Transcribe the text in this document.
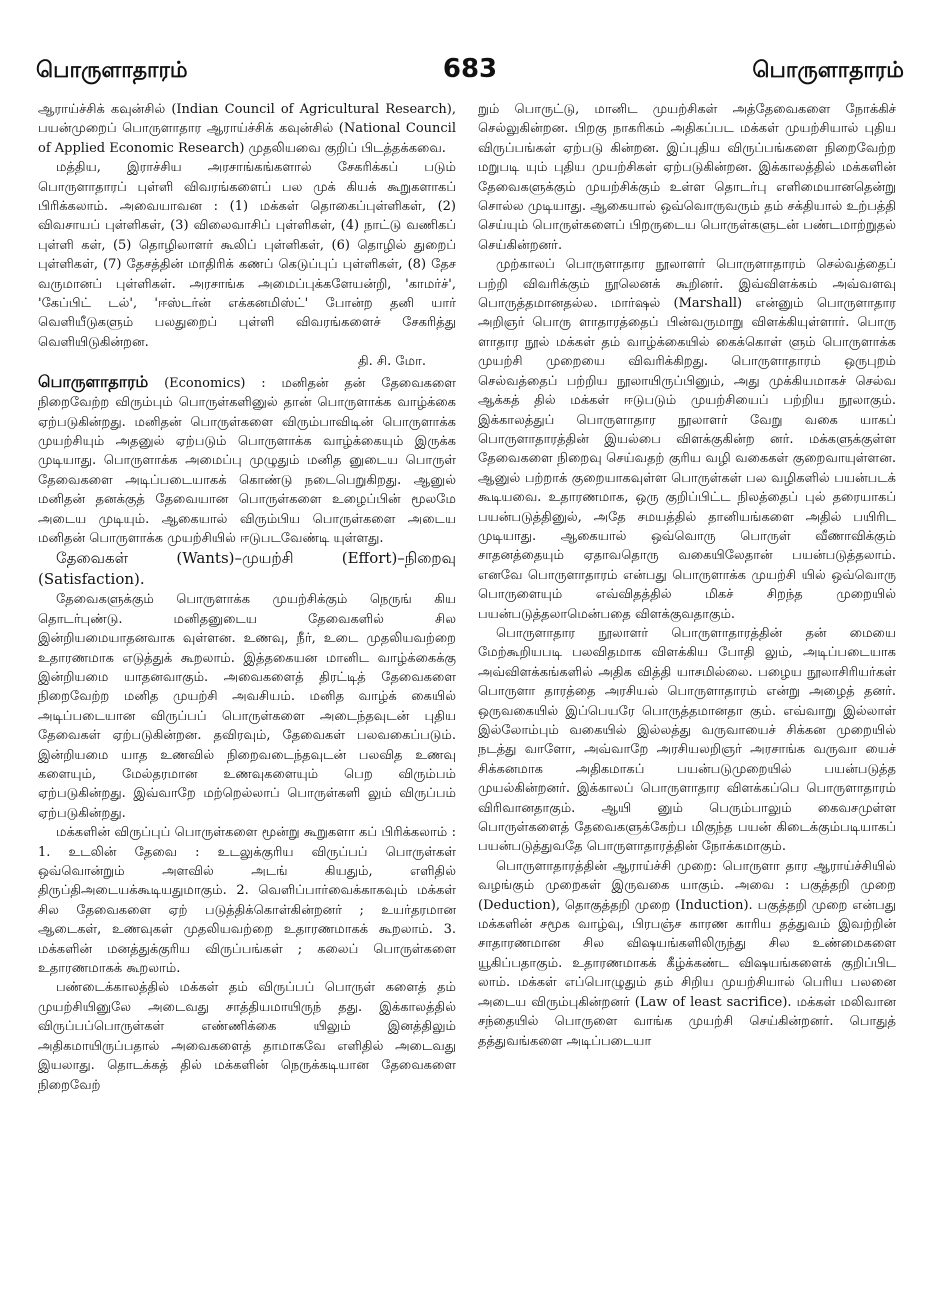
பொருளாதாரம்	683	பொருளாதாரம்

ஆராய்ச்சிக் கவுன்சில் (Indian Council of Agricultural Research), பயன்முறைப் பொருளாதார ஆராய்ச்சிக் கவுன்சில் (National Council of Applied Economic Research) முதலியவை குறிப் பிடத்தக்கவை.

மத்திய, இராச்சிய அரசாங்கங்களால் சேகரிக்கப் படும் பொருளாதாரப் புள்ளி விவரங்களைப் பல முக் கியக் கூறுகளாகப் பிரிக்கலாம். அவையாவன : (1) மக்கள் தொகைப்புள்ளிகள், (2) விவசாயப் புள்ளிகள், (3) விலைவாசிப் புள்ளிகள், (4) நாட்டு வணிகப் புள்ளி கள், (5) தொழிலாளர் கூலிப் புள்ளிகள், (6) தொழில் துறைப் புள்ளிகள், (7) தேசத்தின் மாதிரிக் கணப் கெடுப்புப் புள்ளிகள், (8) தேச வருமானப் புள்ளிகள். அரசாங்க அமைப்புக்களேயன்றி, 'காமர்ச்', 'கேப்பிட் டல்', 'ஈஸ்டர்ன் எக்கனமிஸ்ட்' போன்ற தனி யார் வெளியீடுகளும் பலதுறைப் புள்ளி விவரங்களைச் சேகரித்து வெளியிடுகின்றன.

தி. சி. மோ.

பொருளாதாரம் (Economics) : மனிதன் தன் தேவைகளை நிறைவேற்ற விரும்பும் பொருள்களினுல் தான் பொருளாக்க வாழ்க்கை ஏற்படுகின்றது. மனிதன் பொருள்களை விரும்பாவிடின் பொருளாக்க முயற்சியும் அதனுல் ஏற்படும் பொருளாக்க வாழ்க்கையும் இருக்க முடியாது. பொருளாக்க அமைப்பு முழுதும் மனித னுடைய பொருள் தேவைகளை அடிப்படையாகக் கொண்டு நடைபெறுகிறது. ஆனுல் மனிதன் தனக்குத் தேவையான பொருள்களை உழைப்பின் மூலமே அடைய முடியும். ஆகையால் விரும்பிய பொருள்களை அடைய மனிதன் பொருளாக்க முயற்சியில் ஈடுபடவேண்டி யுள்ளது.

தேவைகள்	(Wants)–முயற்சி	(Effort)–நிறைவு (Satisfaction).

தேவைகளுக்கும் பொருளாக்க முயற்சிக்கும் நெருங் கிய தொடர்புண்டு. மனிதனுடைய தேவைகளில் சில இன்றியமையாதனவாக வுள்ளன. உணவு, நீர், உடை முதலியவற்றை உதாரணமாக எடுத்துக் கூறலாம். இத்தகையன மானிட வாழ்க்கைக்கு இன்றியமை யாதனவாகும். அவைகளைத் திரட்டித் தேவைகளை நிறைவேற்ற மனித முயற்சி அவசியம். மனித வாழ்க் கையில் அடிப்படையான விருப்பப் பொருள்களை அடைந்தவுடன் புதிய தேவைகள் ஏற்படுகின்றன. தவிரவும், தேவைகள் பலவகைப்படும். இன்றியமை யாத உணவில் நிறைவடைந்தவுடன் பலவித உணவு களையும், மேல்தரமான உணவுகளையும் பெற விரும்பம் ஏற்படுகின்றது. இவ்வாறே மற்றெல்லாப் பொருள்களி லும் விருப்பம் ஏற்படுகின்றது.

மக்களின் விருப்புப் பொருள்களை மூன்று கூறுகளா கப் பிரிக்கலாம் : 1. உடலின் தேவை : உடலுக்குரிய விருப்பப் பொருள்கள் ஒவ்வொன்றும் அளவில் அடங் கியதும், எளிதில் திருப்திஅடையக்கூடியதுமாகும். 2. வெளிப்பார்வைக்காகவும் மக்கள் சில தேவைகளை ஏற் படுத்திக்கொள்கின்றனர் ; உயர்தரமான ஆடைகள், உணவுகள் முதலியவற்றை உதாரணமாகக் கூறலாம். 3. மக்களின் மனத்துக்குரிய விருப்பங்கள் ; கலைப் பொருள்களை உதாரணமாகக் கூறலாம்.

பண்டைக்காலத்தில் மக்கள் தம் விருப்பப் பொருள் களைத் தம் முயற்சியினுலே அடைவது சாத்தியமாயிருந் தது. இக்காலத்தில் விருப்பப்பொருள்கள் எண்ணிக்கை யிலும் இனத்திலும் அதிகமாயிருப்பதால் அவைகளைத் தாமாகவே எளிதில் அடைவது இயலாது. தொடக்கத் தில் மக்களின் நெருக்கடியான தேவைகளை நிறைவேற்

றும் பொருட்டு, மானிட முயற்சிகள் அத்தேவைகளை நோக்கிச் செல்லுகின்றன. பிறகு நாகரிகம் அதிகப்பட மக்கள் முயற்சியால் புதிய விருப்பங்கள் ஏற்படு கின்றன. இப்புதிய விருப்பங்களை நிறைவேற்ற மறுபடி யும் புதிய முயற்சிகள் ஏற்படுகின்றன. இக்காலத்தில் மக்களின் தேவைகளுக்கும் முயற்சிக்கும் உள்ள தொடர்பு எளிமையானதென்று சொல்ல முடியாது. ஆகையால் ஒவ்வொருவரும் தம் சக்தியால் உற்பத்தி செய்யும் பொருள்களைப் பிறருடைய பொருள்களுடன் பண்டமாற்றுதல் செய்கின்றனர்.

முற்காலப் பொருளாதார நூலாளர் பொருளாதாரம் செல்வத்தைப் பற்றி விவரிக்கும் நூலெனக் கூறினர். இவ்விளக்கம் அவ்வளவு பொருத்தமானதல்ல. மார்ஷல் (Marshall) என்னும் பொருளாதார அறிஞர் பொரு ளாதாரத்தைப் பின்வருமாறு விளக்கியுள்ளார். பொரு ளாதார நூல் மக்கள் தம் வாழ்க்கையில் கைக்கொள் ளும் பொருளாக்க முயற்சி முறையை விவரிக்கிறது. பொருளாதாரம் ஒருபுறம் செல்வத்தைப் பற்றிய நூலாயிருப்பினும், அது முக்கியமாகச் செல்வ ஆக்கத் தில் மக்கள் ஈடுபடும் முயற்சியைப் பற்றிய நூலாகும். இக்காலத்துப் பொருளாதார நூலாளர் வேறு வகை யாகப் பொருளாதாரத்தின் இயல்பை விளக்குகின்ற னர். மக்களுக்குள்ள தேவைகளை நிறைவு செய்வதற் குரிய வழி வகைகள் குறைவாயுள்ளன. ஆனுல் பற்றாக் குறையாகவுள்ள பொருள்கள் பல வழிகளில் பயன்படக் கூடியவை. உதாரணமாக, ஒரு குறிப்பிட்ட நிலத்தைப் புல் தரையாகப் பயன்படுத்தினுல், அதே சமயத்தில் தானியங்களை அதில் பயிரிட முடியாது. ஆகையால் ஒவ்வொரு பொருள் வீணாவிக்கும் சாதனத்தையும் ஏதாவதொரு வகையிலேதான் பயன்படுத்தலாம். எனவே பொருளாதாரம் என்பது பொருளாக்க முயற்சி யில் ஒவ்வொரு பொருளையும் எவ்விதத்தில் மிகச் சிறந்த முறையில் பயன்படுத்தலாமென்பதை விளக்குவதாகும்.

பொருளாதார நூலாளர் பொருளாதாரத்தின் தன் மையை மேற்கூறியபடி பலவிதமாக விளக்கிய போதி லும், அடிப்படையாக அவ்விளக்கங்களில் அதிக வித்தி யாசமில்லை. பழைய நூலாசிரியர்கள் பொருளா தாரத்தை அரசியல் பொருளாதாரம் என்று அழைத் தனர். ஒருவகையில் இப்பெயரே பொருத்தமானதா கும். எவ்வாறு இல்லாள் இல்லோம்பும் வகையில் இல்லத்து வருவாயைச் சிக்கன முறையில் நடத்து வாளோ, அவ்வாறே அரசியலறிஞர் அரசாங்க வருவா யைச் சிக்கனமாக அதிகமாகப் பயன்படுமுறையில் பயன்படுத்த முயல்கின்றனர். இக்காலப் பொருளாதார விளக்கப்பெ பொருளாதாரம் விரிவானதாகும். ஆயி னும் பெரும்பாலும் கைவசமுள்ள பொருள்களைத் தேவைகளுக்கேற்ப மிகுந்த பயன் கிடைக்கும்படியாகப் பயன்படுத்துவதே பொருளாதாரத்தின் நோக்கமாகும்.

பொருளாதாரத்தின் ஆராய்ச்சி முறை: பொருளா தார ஆராய்ச்சியில் வழங்கும் முறைகள் இருவகை யாகும். அவை : பகுத்தறி முறை (Deduction), தொகுத்தறி முறை (Induction). பகுத்தறி முறை என்பது மக்களின் சமூக வாழ்வு, பிரபஞ்ச காரண காரிய தத்துவம் இவற்றின் சாதாரணமான சில விஷயங்களிலிருந்து சில உண்மைகளை யூகிப்பதாகும். உதாரணமாகக் கீழ்க்கண்ட விஷயங்களைக் குறிப்பிட லாம். மக்கள் எப்பொழுதும் தம் சிறிய முயற்சியால் பெரிய பலனை அடைய விரும்புகின்றனர் (Law of least sacrifice). மக்கள் மலிவான சந்தையில் பொருளை வாங்க முயற்சி செய்கின்றனர். பொதுத் தத்துவங்களை அடிப்படையா
